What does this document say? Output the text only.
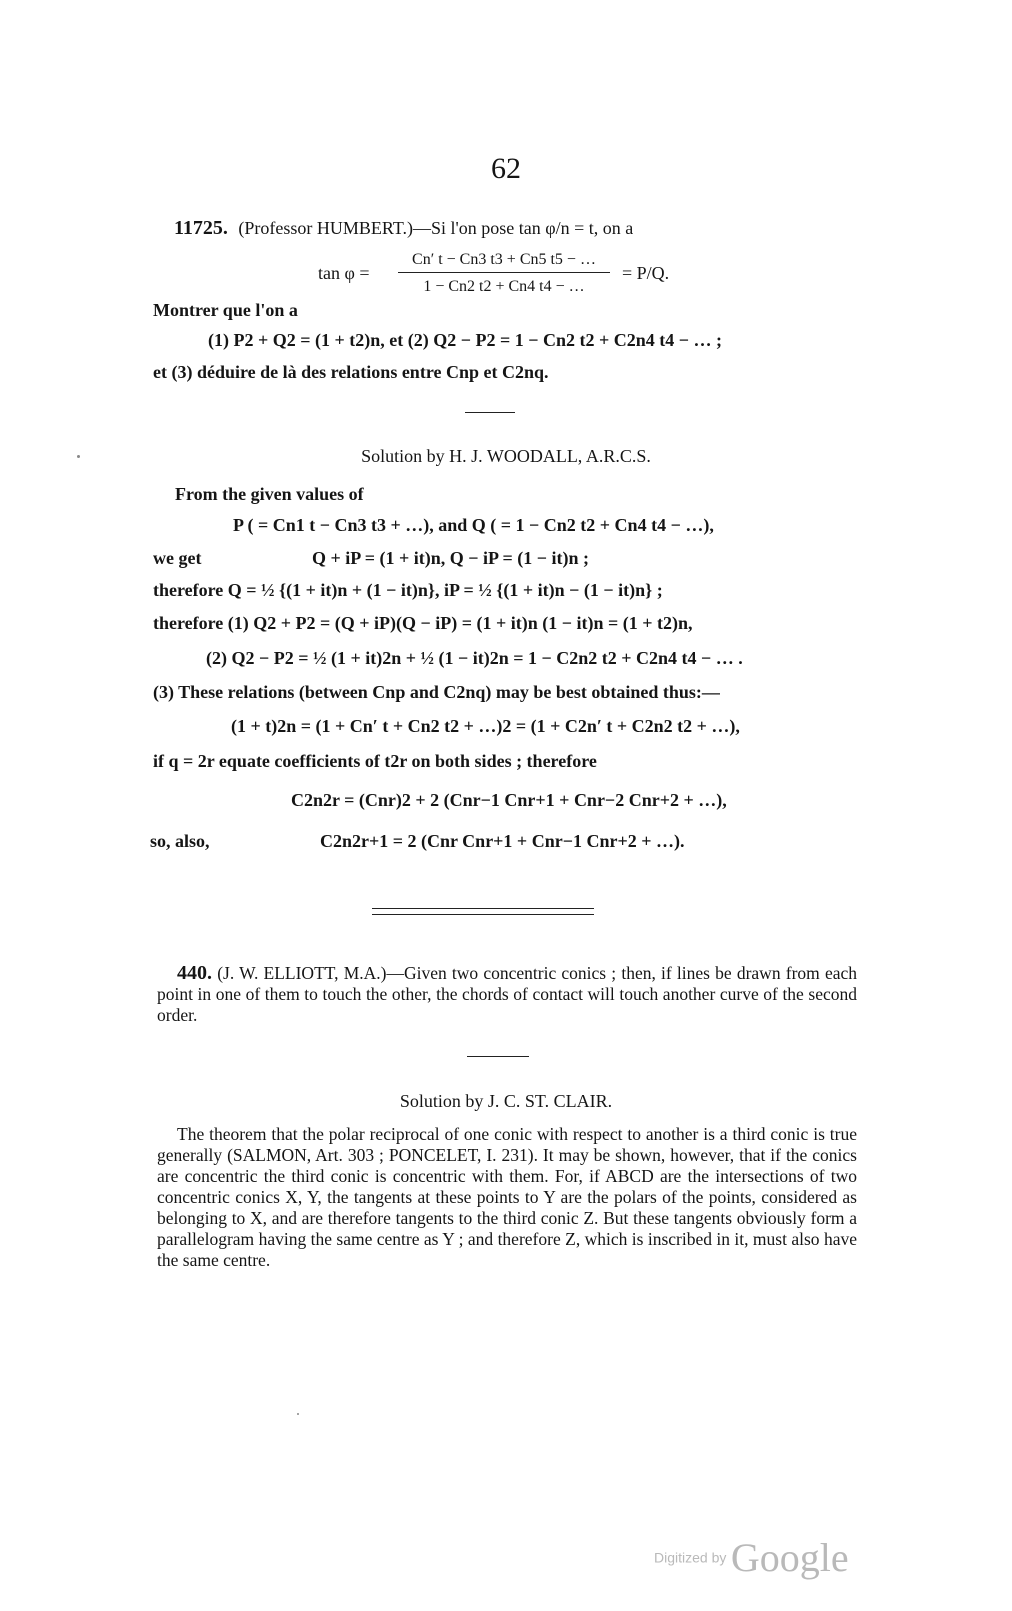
62
11725. (Professor HUMBERT.)—Si l'on pose tan φ/n = t, on a
tan φ =
Cn′ t − Cn3 t3 + Cn5 t5 − …
1 − Cn2 t2 + Cn4 t4 − …
= P/Q.
Montrer que l'on a
(1) P2 + Q2 = (1 + t2)n, et (2) Q2 − P2 = 1 − Cn2 t2 + C2n4 t4 − … ;
et (3) déduire de là des relations entre Cnp et C2nq.
Solution by H. J. WOODALL, A.R.C.S.
From the given values of
P ( = Cn1 t − Cn3 t3 + …), and Q ( = 1 − Cn2 t2 + Cn4 t4 − …),
we get	Q + iP = (1 + it)n, Q − iP = (1 − it)n ;
therefore Q = ½ {(1 + it)n + (1 − it)n}, iP = ½ {(1 + it)n − (1 − it)n} ;
therefore (1) Q2 + P2 = (Q + iP)(Q − iP) = (1 + it)n (1 − it)n = (1 + t2)n,
(2) Q2 − P2 = ½ (1 + it)2n + ½ (1 − it)2n = 1 − C2n2 t2 + C2n4 t4 − … .
(3) These relations (between Cnp and C2nq) may be best obtained thus:—
(1 + t)2n = (1 + Cn′ t + Cn2 t2 + …)2 = (1 + C2n′ t + C2n2 t2 + …),
if q = 2r equate coefficients of t2r on both sides ; therefore
C2n2r = (Cnr)2 + 2 (Cnr−1 Cnr+1 + Cnr−2 Cnr+2 + …),
so, also,	C2n2r+1 = 2 (Cnr Cnr+1 + Cnr−1 Cnr+2 + …).
440. (J. W. ELLIOTT, M.A.)—Given two concentric conics ; then, if lines be drawn from each point in one of them to touch the other, the chords of contact will touch another curve of the second order.
Solution by J. C. ST. CLAIR.
The theorem that the polar reciprocal of one conic with respect to another is a third conic is true generally (SALMON, Art. 303 ; PONCELET, I. 231). It may be shown, however, that if the conics are concentric the third conic is concentric with them. For, if ABCD are the intersections of two concentric conics X, Y, the tangents at these points to Y are the polars of the points, considered as belonging to X, and are therefore tangents to the third conic Z. But these tangents obviously form a parallelogram having the same centre as Y ; and therefore Z, which is inscribed in it, must also have the same centre.
Digitized by Google
